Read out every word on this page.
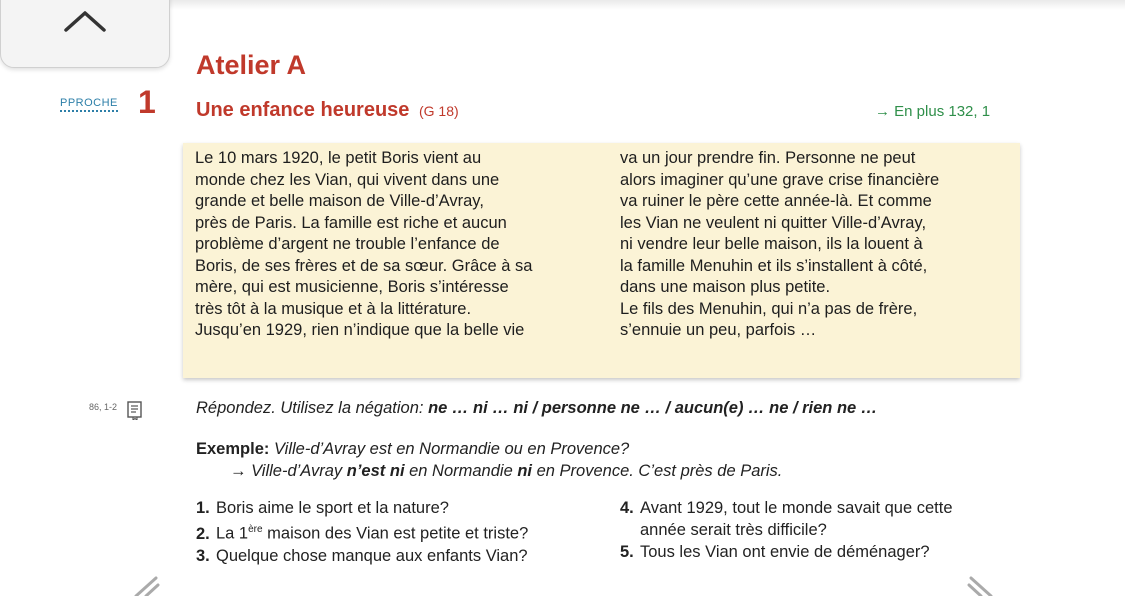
Atelier A
PPROCHE 1 Une enfance heureuse (G 18)	→ En plus 132, 1
Le 10 mars 1920, le petit Boris vient au
monde chez les Vian, qui vivent dans une
grande et belle maison de Ville-d’Avray,
près de Paris. La famille est riche et aucun
problème d’argent ne trouble l’enfance de
Boris, de ses frères et de sa sœur. Grâce à sa
mère, qui est musicienne, Boris s’intéresse
très tôt à la musique et à la littérature.
Jusqu’en 1929, rien n’indique que la belle vie
va un jour prendre fin. Personne ne peut
alors imaginer qu’une grave crise financière
va ruiner le père cette année-là. Et comme
les Vian ne veulent ni quitter Ville-d’Avray,
ni vendre leur belle maison, ils la louent à
la famille Menuhin et ils s’installent à côté,
dans une maison plus petite.
Le fils des Menuhin, qui n’a pas de frère,
s’ennuie un peu, parfois …
86, 1-2	Répondez. Utilisez la négation: ne … ni … ni / personne ne … / aucun(e) … ne / rien ne …
Exemple: Ville-d’Avray est en Normandie ou en Provence?
→ Ville-d’Avray n’est ni en Normandie ni en Provence. C’est près de Paris.
1. Boris aime le sport et la nature?
2. La 1ère maison des Vian est petite et triste?
3. Quelque chose manque aux enfants Vian?
4. Avant 1929, tout le monde savait que cette
année serait très difficile?
5. Tous les Vian ont envie de déménager?
